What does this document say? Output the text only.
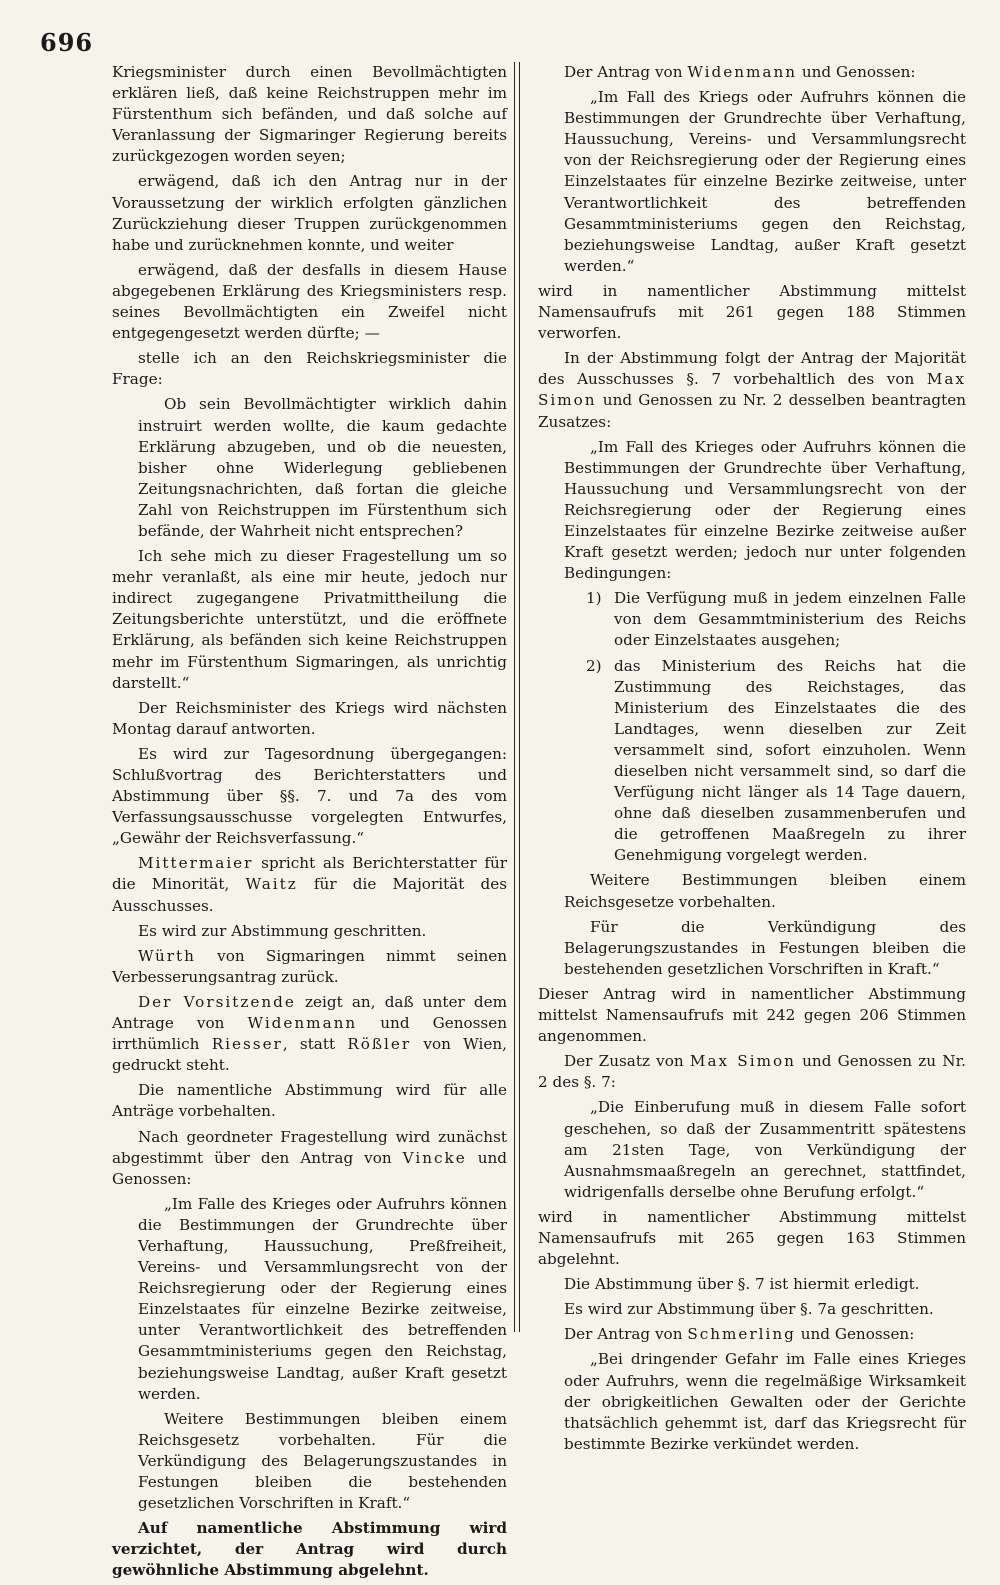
696

Kriegsminister durch einen Bevollmächtigten erklären ließ, daß keine Reichstruppen mehr im Fürstenthum sich befänden, und daß solche auf Veranlassung der Sigmaringer Regierung bereits zurückgezogen worden seyen;

erwägend, daß ich den Antrag nur in der Voraussetzung der wirklich erfolgten gänzlichen Zurückziehung dieser Truppen zurückgenommen habe und zurücknehmen konnte, und weiter

erwägend, daß der desfalls in diesem Hause abgegebenen Erklärung des Kriegsministers resp. seines Bevollmächtigten ein Zweifel nicht entgegengesetzt werden dürfte; —

stelle ich an den Reichskriegsminister die Frage:

Ob sein Bevollmächtigter wirklich dahin instruirt werden wollte, die kaum gedachte Erklärung abzugeben, und ob die neuesten, bisher ohne Widerlegung gebliebenen Zeitungsnachrichten, daß fortan die gleiche Zahl von Reichstruppen im Fürstenthum sich befände, der Wahrheit nicht entsprechen?

Ich sehe mich zu dieser Fragestellung um so mehr veranlaßt, als eine mir heute, jedoch nur indirect zugegangene Privatmittheilung die Zeitungsberichte unterstützt, und die eröffnete Erklärung, als befänden sich keine Reichstruppen mehr im Fürstenthum Sigmaringen, als unrichtig darstellt.“

Der Reichsminister des Kriegs wird nächsten Montag darauf antworten.

Es wird zur Tagesordnung übergegangen: Schlußvortrag des Berichterstatters und Abstimmung über §§. 7. und 7a des vom Verfassungsausschusse vorgelegten Entwurfes, „Gewähr der Reichsverfassung.“

Mittermaier spricht als Berichterstatter für die Minorität, Waitz für die Majorität des Ausschusses.

Es wird zur Abstimmung geschritten.

Würth von Sigmaringen nimmt seinen Verbesserungsantrag zurück.

Der Vorsitzende zeigt an, daß unter dem Antrage von Widenmann und Genossen irrthümlich Riesser, statt Rößler von Wien, gedruckt steht.

Die namentliche Abstimmung wird für alle Anträge vorbehalten.

Nach geordneter Fragestellung wird zunächst abgestimmt über den Antrag von Vincke und Genossen:

„Im Falle des Krieges oder Aufruhrs können die Bestimmungen der Grundrechte über Verhaftung, Haussuchung, Preßfreiheit, Vereins- und Versammlungsrecht von der Reichsregierung oder der Regierung eines Einzelstaates für einzelne Bezirke zeitweise, unter Verantwortlichkeit des betreffenden Gesammtministeriums gegen den Reichstag, beziehungsweise Landtag, außer Kraft gesetzt werden.

Weitere Bestimmungen bleiben einem Reichsgesetz vorbehalten. Für die Verkündigung des Belagerungszustandes in Festungen bleiben die bestehenden gesetzlichen Vorschriften in Kraft.“

Auf namentliche Abstimmung wird verzichtet, der Antrag wird durch gewöhnliche Abstimmung abgelehnt.

Der Antrag von Widenmann und Genossen:

„Im Fall des Kriegs oder Aufruhrs können die Bestimmungen der Grundrechte über Verhaftung, Haussuchung, Vereins- und Versammlungsrecht von der Reichsregierung oder der Regierung eines Einzelstaates für einzelne Bezirke zeitweise, unter Verantwortlichkeit des betreffenden Gesammtministeriums gegen den Reichstag, beziehungsweise Landtag, außer Kraft gesetzt werden.“

wird in namentlicher Abstimmung mittelst Namensaufrufs mit 261 gegen 188 Stimmen verworfen.

In der Abstimmung folgt der Antrag der Majorität des Ausschusses §. 7 vorbehaltlich des von Max Simon und Genossen zu Nr. 2 desselben beantragten Zusatzes:

„Im Fall des Krieges oder Aufruhrs können die Bestimmungen der Grundrechte über Verhaftung, Haussuchung und Versammlungsrecht von der Reichsregierung oder der Regierung eines Einzelstaates für einzelne Bezirke zeitweise außer Kraft gesetzt werden; jedoch nur unter folgenden Bedingungen:

1) Die Verfügung muß in jedem einzelnen Falle von dem Gesammtministerium des Reichs oder Einzelstaates ausgehen;
2) das Ministerium des Reichs hat die Zustimmung des Reichstages, das Ministerium des Einzelstaates die des Landtages, wenn dieselben zur Zeit versammelt sind, sofort einzuholen. Wenn dieselben nicht versammelt sind, so darf die Verfügung nicht länger als 14 Tage dauern, ohne daß dieselben zusammenberufen und die getroffenen Maaßregeln zu ihrer Genehmigung vorgelegt werden.

Weitere Bestimmungen bleiben einem Reichsgesetze vorbehalten.

Für die Verkündigung des Belagerungszustandes in Festungen bleiben die bestehenden gesetzlichen Vorschriften in Kraft.“

Dieser Antrag wird in namentlicher Abstimmung mittelst Namensaufrufs mit 242 gegen 206 Stimmen angenommen.

Der Zusatz von Max Simon und Genossen zu Nr. 2 des §. 7:

„Die Einberufung muß in diesem Falle sofort geschehen, so daß der Zusammentritt spätestens am 21sten Tage, von Verkündigung der Ausnahmsmaaßregeln an gerechnet, stattfindet, widrigenfalls derselbe ohne Berufung erfolgt.“

wird in namentlicher Abstimmung mittelst Namensaufrufs mit 265 gegen 163 Stimmen abgelehnt.

Die Abstimmung über §. 7 ist hiermit erledigt.

Es wird zur Abstimmung über §. 7a geschritten.

Der Antrag von Schmerling und Genossen:

„Bei dringender Gefahr im Falle eines Krieges oder Aufruhrs, wenn die regelmäßige Wirksamkeit der obrigkeitlichen Gewalten oder der Gerichte thatsächlich gehemmt ist, darf das Kriegsrecht für bestimmte Bezirke verkündet werden.
